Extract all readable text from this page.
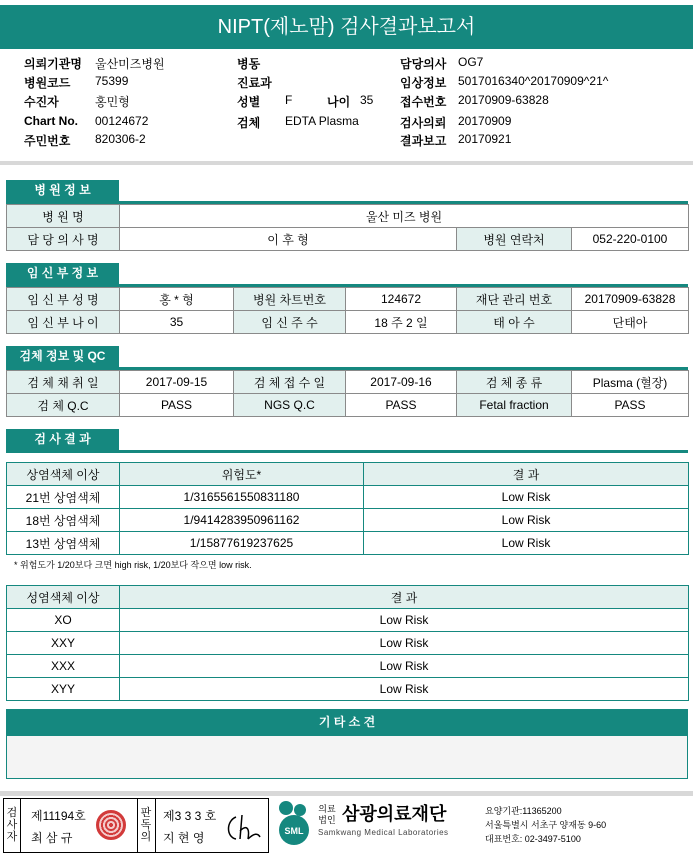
NIPT(제노맘) 검사결과보고서
의뢰기관명 울산미즈병원	병동	담당의사 OG7
병원코드 75399	진료과	임상정보 5017016340^20170909^21^
수진자	홍민형	성별 F	나이 35 접수번호 20170909-63828
Chart No. 00124672	검체 EDTA Plasma	검사의뢰 20170909
주민번호 820306-2	결과보고 20170921
병 원 정 보
병 원 명	울산 미즈 병원		
담 당 의 사 명	이 후 형	병원 연락처	052-220-0100
임 신 부 정 보
임 신 부 성 명	홍 * 형	병원 차트번호	124672	재단 관리 번호	20170909-63828
임 신 부 나 이	35	임 신 주 수	18 주 2 일	태 아 수	단태아
검체 정보 및 QC
검 체 채 취 일	2017-09-15	검 체 접 수 일	2017-09-16	검 체 종 류	Plasma (혈장)
검 체 Q.C	PASS	NGS Q.C	PASS	Fetal fraction	PASS
검 사 결 과
상염색체 이상	위험도*	결 과
21번 상염색체	1/3165561550831180	Low Risk
18번 상염색체	1/9414283950961162	Low Risk
13번 상염색체	1/15877619237625	Low Risk
* 위험도가 1/20보다 크면 high risk, 1/20보다 작으면 low risk.
성염색체 이상	결 과
XO	Low Risk
XXY	Low Risk
XXX	Low Risk
XYY	Low Risk
기 타 소 견
검사자
제11194호
최 삼 규
판독의
제3 3 3 호
지 현 영	SML
의료법인 삼광의료재단
Samkwang Medical Laboratories
요양기관:11365200
서울특별시 서초구 양재동 9-60
대표번호: 02-3497-5100
